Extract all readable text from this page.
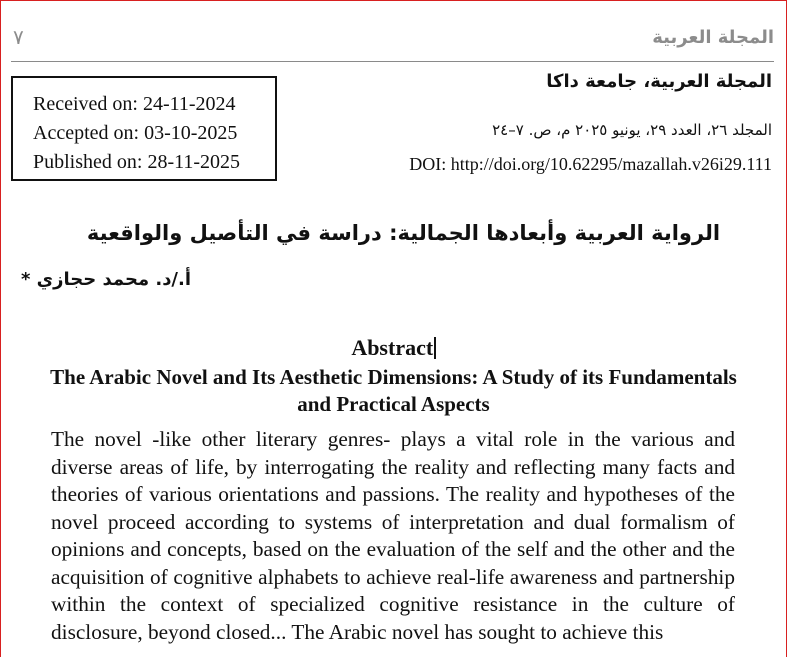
٧	المجلة العربية
Received on: 24-11-2024
Accepted on: 03-10-2025
Published on: 28-11-2025
المجلة العربية، جامعة داكا
المجلد ٢٦، العدد ٢٩، يونيو ٢٠٢٥ م، ص. ٧–٢٤
DOI: http://doi.org/10.62295/mazallah.v26i29.111
الرواية العربية وأبعادها الجمالية: دراسة في التأصيل والواقعية
أ./د. محمد حجازي *
Abstract
The Arabic Novel and Its Aesthetic Dimensions: A Study of its Fundamentals and Practical Aspects
The novel -like other literary genres- plays a vital role in the various and diverse areas of life, by interrogating the reality and reflecting many facts and theories of various orientations and passions. The reality and hypotheses of the novel proceed according to systems of interpretation and dual formalism of opinions and concepts, based on the evaluation of the self and the other and the acquisition of cognitive alphabets to achieve real-life awareness and partnership within the context of specialized cognitive resistance in the culture of disclosure, beyond closed... The Arabic novel has sought to achieve this
